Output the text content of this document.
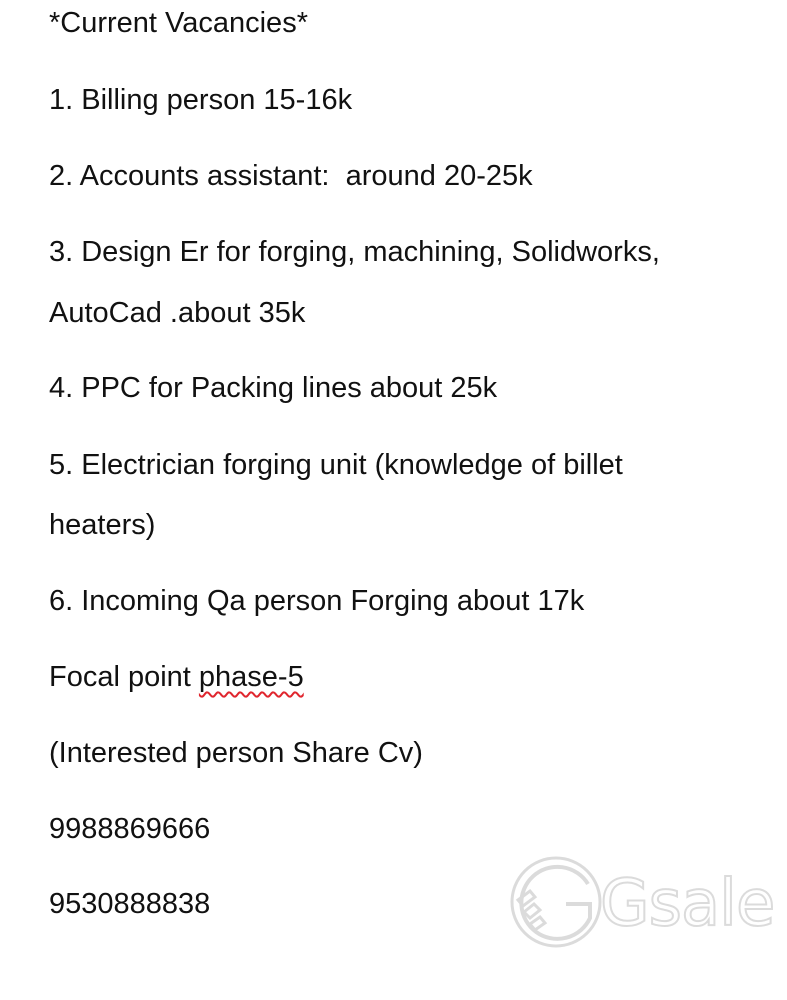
*Current Vacancies*

1. Billing person 15-16k

2. Accounts assistant:  around 20-25k

3. Design Er for forging, machining, Solidworks,

AutoCad .about 35k

4. PPC for Packing lines about 25k

5. Electrician forging unit (knowledge of billet

heaters)

6. Incoming Qa person Forging about 17k

Focal point phase-5

(Interested person Share Cv)

9988869666

9530888838	Gsale
